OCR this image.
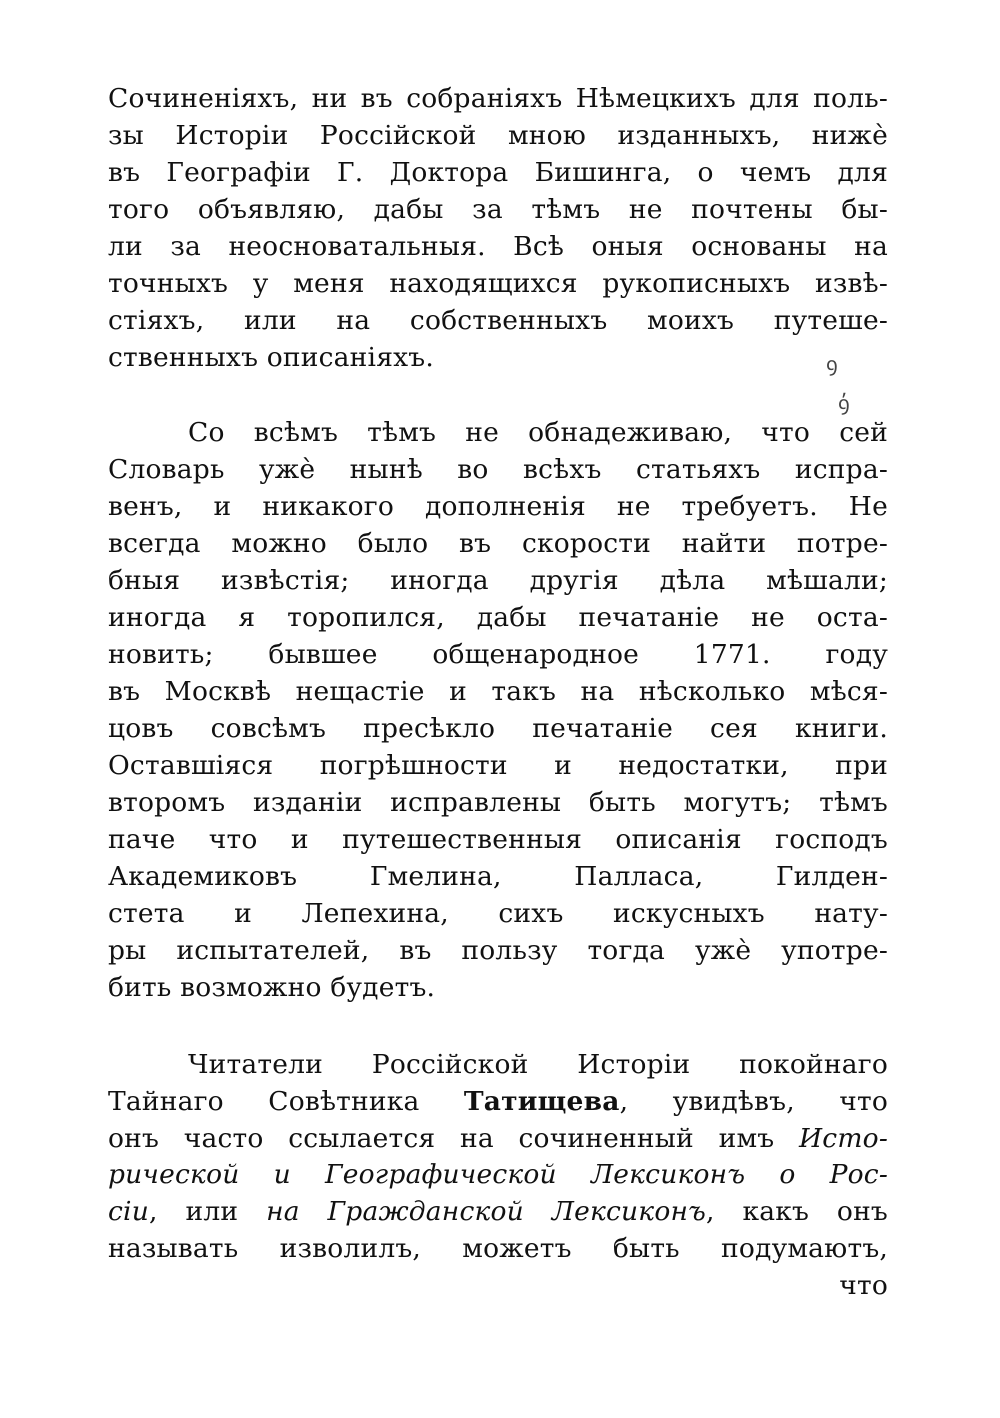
Сочиненіяхъ, ни въ собраніяхъ Нѣмецкихъ для поль-
зы Исторіи Россійской мною изданныхъ, нижѐ
въ Географіи Г. Доктора Бишинга, о чемъ для
того объявляю, дабы за тѣмъ не почтены бы-
ли за неосноватальныя. Всѣ оныя основаны на
точныхъ у меня находящихся рукописныхъ извѣ-
стіяхъ, или на собственныхъ моихъ путеше-
ственныхъ описаніяхъ.	ꝯ
ꝯ̓
Со всѣмъ тѣмъ не обнадеживаю, что сей
Словарь ужѐ нынѣ во всѣхъ статьяхъ испра-
венъ, и никакого дополненія не требуетъ. Не
всегда можно было въ скорости найти потре-
бныя извѣстія; иногда другія дѣла мѣшали;
иногда я торопился, дабы печатаніе не оста-
новить; бывшее общенародное 1771. году
въ Москвѣ нещастіе и такъ на нѣсколько мѣся-
цовъ совсѣмъ пресѣкло печатаніе сея книги.
Оставшіяся погрѣшности и недостатки, при
второмъ изданіи исправлены быть могутъ; тѣмъ
паче что и путешественныя описанія господъ
Академиковъ Гмелина, Палласа, Гилден-
стета и Лепехина, сихъ искусныхъ нату-
ры испытателей, въ пользу тогда ужѐ употре-
бить возможно будетъ.
Читатели Россійской Исторіи покойнаго
Тайнаго Совѣтника Татищева, увидѣвъ, что
онъ часто ссылается на сочиненный имъ Исто-
рической и Географической Лексиконъ о Рос-
сіи, или на Гражданской Лексиконъ, какъ онъ
называть изволилъ, можетъ быть подумаютъ,
что
